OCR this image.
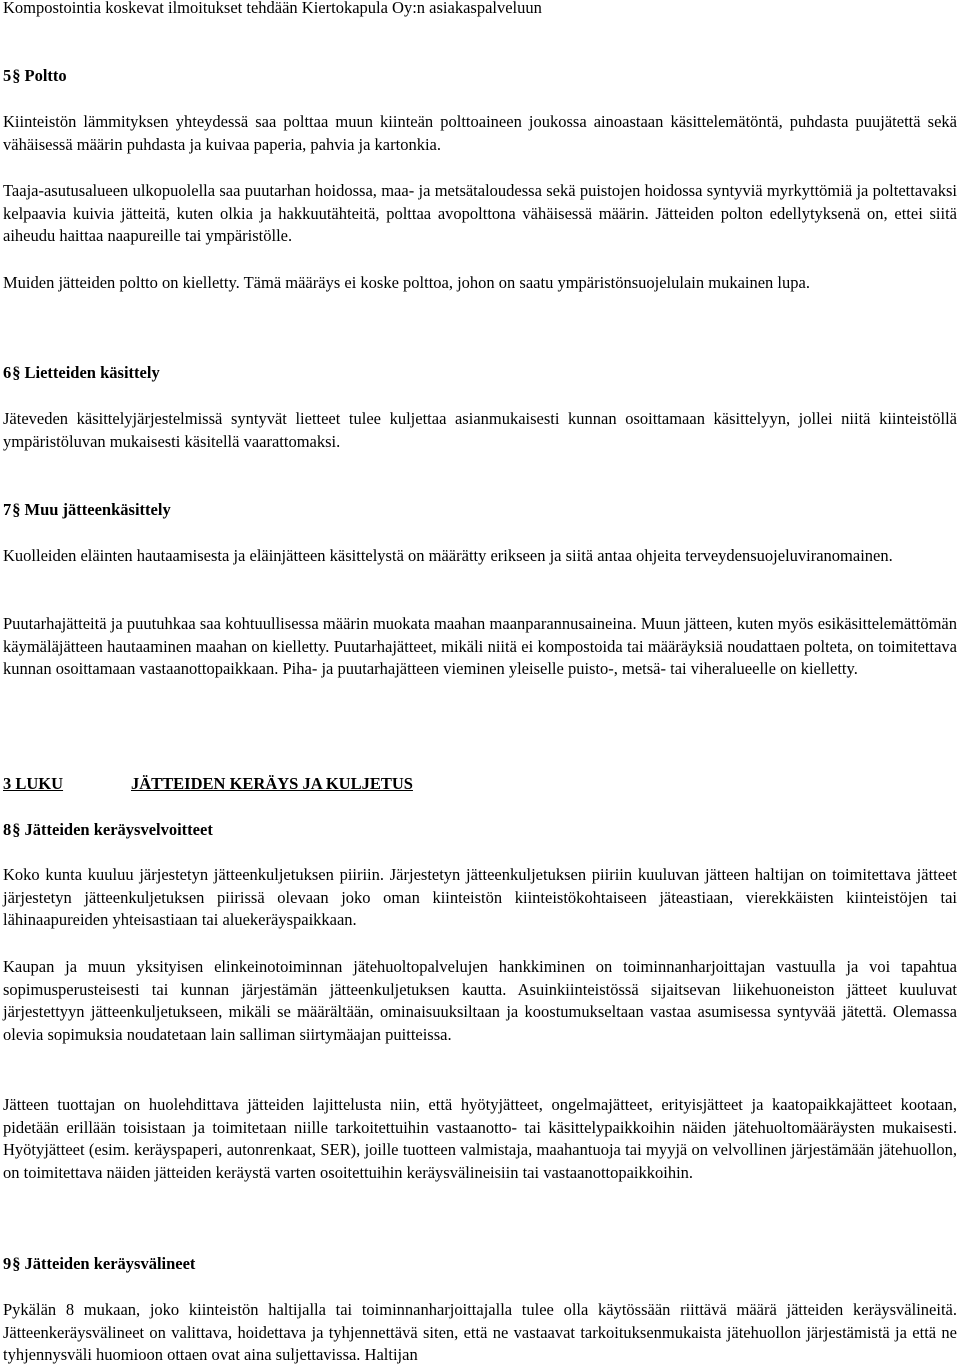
Kompostointia koskevat ilmoitukset tehdään Kiertokapula Oy:n asiakaspalveluun
5§ Poltto

Kiinteistön lämmityksen yhteydessä saa polttaa muun kiinteän polttoaineen joukossa ainoastaan käsittelemätöntä, puhdasta puujätettä sekä vähäisessä määrin puhdasta ja kuivaa paperia, pahvia ja kartonkia.

Taaja-asutusalueen ulkopuolella saa puutarhan hoidossa, maa- ja metsätaloudessa sekä puistojen hoidossa syntyviä myrkyttömiä ja poltettavaksi kelpaavia kuivia jätteitä, kuten olkia ja hakkuutähteitä, polttaa avopolttona vähäisessä määrin. Jätteiden polton edellytyksenä on, ettei siitä aiheudu haittaa naapureille tai ympäristölle.

Muiden jätteiden poltto on kielletty. Tämä määräys ei koske polttoa, johon on saatu ympäristönsuojelulain mukainen lupa.

6§ Lietteiden käsittely

Jäteveden käsittelyjärjestelmissä syntyvät lietteet tulee kuljettaa asianmukaisesti kunnan osoittamaan käsittelyyn, jollei niitä kiinteistöllä ympäristöluvan mukaisesti käsitellä vaarattomaksi.

7§ Muu jätteenkäsittely

Kuolleiden eläinten hautaamisesta ja eläinjätteen käsittelystä on määrätty erikseen ja siitä antaa ohjeita terveydensuojeluviranomainen.

Puutarhajätteitä ja puutuhkaa saa kohtuullisessa määrin muokata maahan maanparannusaineina. Muun jätteen, kuten myös esikäsittelemättömän käymäläjätteen hautaaminen maahan on kielletty. Puutarhajätteet, mikäli niitä ei kompostoida tai määräyksiä noudattaen polteta, on toimitettava kunnan osoittamaan vastaanottopaikkaan. Piha- ja puutarhajätteen vieminen yleiselle puisto-, metsä- tai viheralueelle on kielletty.

3 LUKU	JÄTTEIDEN KERÄYS JA KULJETUS
8§ Jätteiden keräysvelvoitteet

Koko kunta kuuluu järjestetyn jätteenkuljetuksen piiriin. Järjestetyn jätteenkuljetuksen piiriin kuuluvan jätteen haltijan on toimitettava jätteet järjestetyn jätteenkuljetuksen piirissä olevaan joko oman kiinteistön kiinteistökohtaiseen jäteastiaan, vierekkäisten kiinteistöjen tai lähinaapureiden yhteisastiaan tai aluekeräyspaikkaan.

Kaupan ja muun yksityisen elinkeinotoiminnan jätehuoltopalvelujen hankkiminen on toiminnanharjoittajan vastuulla ja voi tapahtua sopimusperusteisesti tai kunnan järjestämän jätteenkuljetuksen kautta. Asuinkiinteistössä sijaitsevan liikehuoneiston jätteet kuuluvat järjestettyyn jätteenkuljetukseen, mikäli se määrältään, ominaisuuksiltaan ja koostumukseltaan vastaa asumisessa syntyvää jätettä. Olemassa olevia sopimuksia noudatetaan lain salliman siirtymäajan puitteissa.

Jätteen tuottajan on huolehdittava jätteiden lajittelusta niin, että hyötyjätteet, ongelmajätteet, erityisjätteet ja kaatopaikkajätteet kootaan, pidetään erillään toisistaan ja toimitetaan niille tarkoitettuihin vastaanotto- tai käsittelypaikkoihin näiden jätehuoltomääräysten mukaisesti. Hyötyjätteet (esim. keräyspaperi, autonrenkaat, SER), joille tuotteen valmistaja, maahantuoja tai myyjä on velvollinen järjestämään jätehuollon, on toimitettava näiden jätteiden keräystä varten osoitettuihin keräysvälineisiin tai vastaanottopaikkoihin.

9§ Jätteiden keräysvälineet

Pykälän 8 mukaan, joko kiinteistön haltijalla tai toiminnanharjoittajalla tulee olla käytössään riittävä määrä jätteiden keräysvälineitä. Jätteenkeräysvälineet on valittava, hoidettava ja tyhjennettävä siten, että ne vastaavat tarkoituksenmukaista jätehuollon järjestämistä ja että ne tyhjennysväli huomioon ottaen ovat aina suljettavissa. Haltijan
